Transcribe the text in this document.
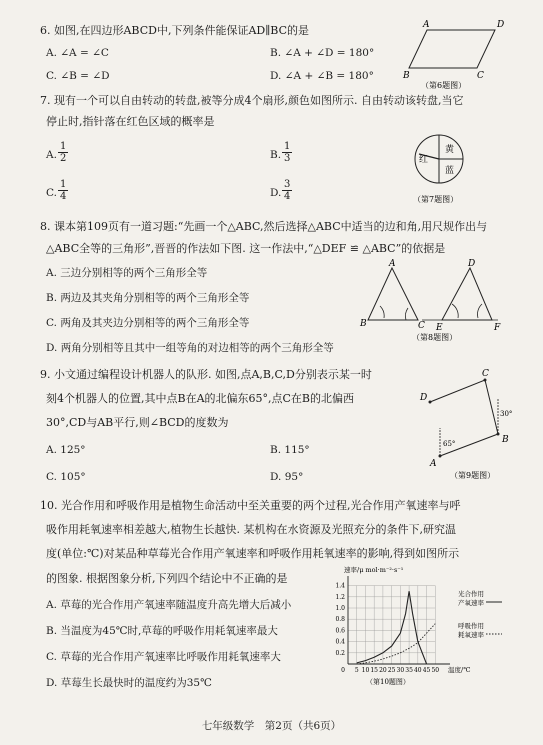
6. 如图,在四边形ABCD中,下列条件能保证AD∥BC的是
A. ∠A = ∠C	B. ∠A + ∠D = 180°
C. ∠B = ∠D	D. ∠A + ∠B = 180°
A	D
B	C
（第6题图）
7. 现有一个可以自由转动的转盘,被等分成4个扇形,颜色如图所示. 自由转动该转盘,当它
停止时,指针落在红色区域的概率是
A. $\frac{1}{2}$	B. $\frac{1}{3}$
C. $\frac{1}{4}$	D. $\frac{3}{4}$
黄
红
蓝
（第7题图）
8. 课本第109页有一道习题:“先画一个△ABC,然后选择△ABC中适当的边和角,用尺规作出与
△ABC全等的三角形”,晋晋的作法如下图. 这一作法中,“△DEF ≌ △ABC”的依据是
A. 三边分别相等的两个三角形全等
B. 两边及其夹角分别相等的两个三角形全等
C. 两角及其夹边分别相等的两个三角形全等
D. 两角分别相等且其中一组等角的对边相等的两个三角形全等
A
B	C
D
E	F
（第8题图）
9. 小文通过编程设计机器人的队形. 如图,点A,B,C,D分别表示某一时
刻4个机器人的位置,其中点B在A的北偏东65°,点C在B的北偏西
30°,CD与AB平行,则∠BCD的度数为
A. 125°	B. 115°
C. 105°	D. 95°
C
D
B
A
30°
65°
（第9题图）
10. 光合作用和呼吸作用是植物生命活动中至关重要的两个过程,光合作用产氧速率与呼
吸作用耗氧速率相差越大,植物生长越快. 某机构在水资源及光照充分的条件下,研究温
度(单位:℃)对某品种草莓光合作用产氧速率和呼吸作用耗氧速率的影响,得到如图所示
的图象. 根据图象分析,下列四个结论中不正确的是
A. 草莓的光合作用产氧速率随温度升高先增大后减小
B. 当温度为45℃时,草莓的呼吸作用耗氧速率最大
C. 草莓的光合作用产氧速率比呼吸作用耗氧速率大
D. 草莓生长最快时的温度约为35℃
5 10 15 20 25 30 35 40 45 50
0.2
0.4
0.6
0.8
1.0
1.2
1.4
0
速率/μ mol·m⁻²·s⁻¹
温度/℃
光合作用
产氧速率
呼吸作用
耗氧速率
（第10题图）
七年级数学　第2页（共6页）
